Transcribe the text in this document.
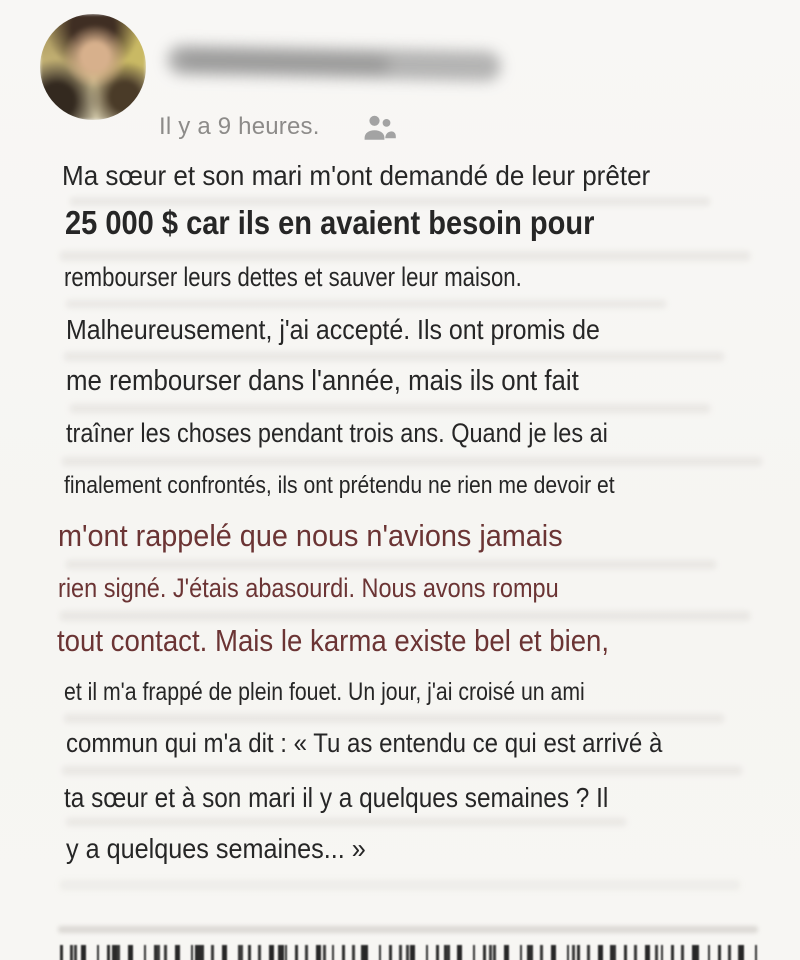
Il y a 9 heures.
Ma sœur et son mari m'ont demandé de leur prêter
25 000 $ car ils en avaient besoin pour
rembourser leurs dettes et sauver leur maison.
Malheureusement, j'ai accepté. Ils ont promis de
me rembourser dans l'année, mais ils ont fait
traîner les choses pendant trois ans. Quand je les ai
finalement confrontés, ils ont prétendu ne rien me devoir et
m'ont rappelé que nous n'avions jamais
rien signé. J'étais abasourdi. Nous avons rompu
tout contact. Mais le karma existe bel et bien,
et il m'a frappé de plein fouet. Un jour, j'ai croisé un ami
commun qui m'a dit : « Tu as entendu ce qui est arrivé à
ta sœur et à son mari il y a quelques semaines ? Il
y a quelques semaines... »
